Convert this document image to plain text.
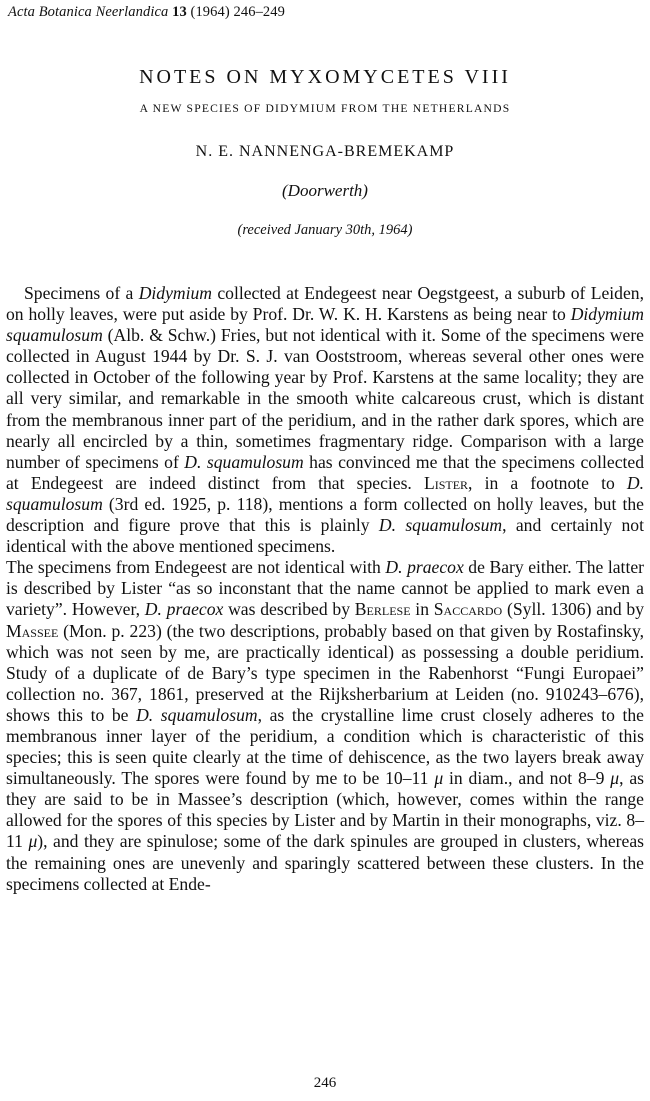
Acta Botanica Neerlandica 13 (1964) 246–249
NOTES ON MYXOMYCETES VIII
A NEW SPECIES OF DIDYMIUM FROM THE NETHERLANDS
N. E. NANNENGA-BREMEKAMP
(Doorwerth)
(received January 30th, 1964)

Specimens of a Didymium collected at Endegeest near Oegstgeest, a suburb of Leiden, on holly leaves, were put aside by Prof. Dr. W. K. H. Karstens as being near to Didymium squamulosum (Alb. & Schw.) Fries, but not identical with it. Some of the specimens were collected in August 1944 by Dr. S. J. van Ooststroom, whereas several other ones were collected in October of the following year by Prof. Karstens at the same locality; they are all very similar, and remarkable in the smooth white calcareous crust, which is distant from the membranous inner part of the peridium, and in the rather dark spores, which are nearly all encircled by a thin, sometimes fragmentary ridge. Comparison with a large number of specimens of D. squamulosum has convinced me that the specimens collected at Endegeest are indeed distinct from that species. Lister, in a footnote to D. squamulosum (3rd ed. 1925, p. 118), mentions a form collected on holly leaves, but the description and figure prove that this is plainly D. squamulosum, and certainly not identical with the above mentioned specimens.

The specimens from Endegeest are not identical with D. praecox de Bary either. The latter is described by Lister “as so inconstant that the name cannot be applied to mark even a variety”. However, D. praecox was described by Berlese in Saccardo (Syll. 1306) and by Massee (Mon. p. 223) (the two descriptions, probably based on that given by Rostafinsky, which was not seen by me, are practically identical) as possessing a double peridium. Study of a duplicate of de Bary’s type specimen in the Rabenhorst “Fungi Europaei” collection no. 367, 1861, preserved at the Rijksherbarium at Leiden (no. 910243–676), shows this to be D. squamulosum, as the crystalline lime crust closely adheres to the membranous inner layer of the peridium, a condition which is characteristic of this species; this is seen quite clearly at the time of dehiscence, as the two layers break away simultaneously. The spores were found by me to be 10–11 μ in diam., and not 8–9 μ, as they are said to be in Massee’s description (which, however, comes within the range allowed for the spores of this species by Lister and by Martin in their monographs, viz. 8–11 μ), and they are spinulose; some of the dark spinules are grouped in clusters, whereas the remaining ones are unevenly and sparingly scattered between these clusters. In the specimens collected at Ende-

246
